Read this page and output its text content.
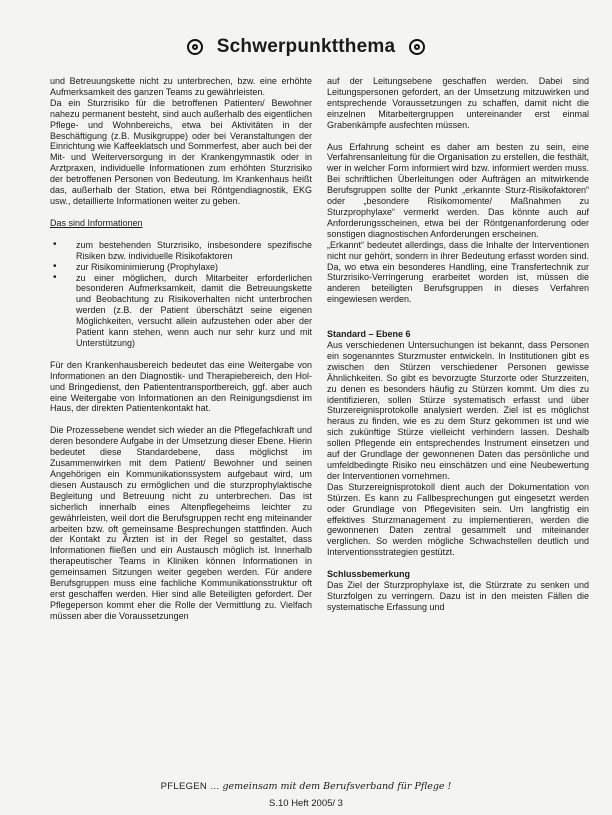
Schwerpunktthema

und Betreuungskette nicht zu unterbrechen, bzw. eine erhöhte Aufmerksamkeit des ganzen Teams zu gewährleisten.

Da ein Sturzrisiko für die betroffenen Patienten/ Bewohner nahezu permanent besteht, sind auch außerhalb des eigentlichen Pflege- und Wohnbereichs, etwa bei Aktivitäten in der Beschäftigung (z.B. Musikgruppe) oder bei Veranstaltungen der Einrichtung wie Kaffeeklatsch und Sommerfest, aber auch bei der Mit- und Weiterversorgung in der Krankengymnastik oder in Arztpraxen, individuelle Informationen zum erhöhten Sturzrisiko der betroffenen Personen von Bedeutung. Im Krankenhaus heißt das, außerhalb der Station, etwa bei Röntgendiagnostik, EKG usw., detaillierte Informationen weiter zu geben.

Das sind Informationen

• zum bestehenden Sturzrisiko, insbesondere spezifische Risiken bzw. individuelle Risikofaktoren
• zur Risikominimierung (Prophylaxe)
• zu einer möglichen, durch Mitarbeiter erforderlichen besonderen Aufmerksamkeit, damit die Betreuungskette und Beobachtung zu Risikoverhalten nicht unterbrochen werden (z.B. der Patient überschätzt seine eigenen Möglichkeiten, versucht allein aufzustehen oder aber der Patient kann stehen, wenn auch nur sehr kurz und mit Unterstützung)

Für den Krankenhausbereich bedeutet das eine Weitergabe von Informationen an den Diagnostik- und Therapiebereich, den Hol- und Bringedienst, den Patiententransportbereich, ggf. aber auch eine Weitergabe von Informationen an den Reinigungsdienst im Haus, der direkten Patientenkontakt hat.

Die Prozessebene wendet sich wieder an die Pflegefachkraft und deren besondere Aufgabe in der Umsetzung dieser Ebene. Hierin bedeutet diese Standardebene, dass möglichst im Zusammenwirken mit dem Patient/ Bewohner und seinen Angehörigen ein Kommunikationssystem aufgebaut wird, um diesen Austausch zu ermöglichen und die sturzprophylaktische Begleitung und Betreuung nicht zu unterbrechen. Das ist sicherlich innerhalb eines Altenpflegeheims leichter zu gewährleisten, weil dort die Berufsgruppen recht eng miteinander arbeiten bzw. oft gemeinsame Besprechungen stattfinden. Auch der Kontakt zu Ärzten ist in der Regel so gestaltet, dass Informationen fließen und ein Austausch möglich ist. Innerhalb therapeutischer Teams in Kliniken können Informationen in gemeinsamen Sitzungen weiter gegeben werden. Für andere Berufsgruppen muss eine fachliche Kommunikationsstruktur oft erst geschaffen werden. Hier sind alle Beteiligten gefordert. Der Pflegeperson kommt eher die Rolle der Vermittlung zu. Vielfach müssen aber die Voraussetzungen

auf der Leitungsebene geschaffen werden. Dabei sind Leitungspersonen gefordert, an der Umsetzung mitzuwirken und entsprechende Voraussetzungen zu schaffen, damit nicht die einzelnen Mitarbeitergruppen untereinander erst einmal Grabenkämpfe ausfechten müssen.

Aus Erfahrung scheint es daher am besten zu sein, eine Verfahrensanleitung für die Organisation zu erstellen, die festhält, wer in welcher Form informiert wird bzw. informiert werden muss. Bei schriftlichen Überleitungen oder Aufträgen an mitwirkende Berufsgruppen sollte der Punkt „erkannte Sturz-Risikofaktoren“ oder „besondere Risikomomente/ Maßnahmen zu Sturzprophylaxe“ vermerkt werden. Das könnte auch auf Anforderungsscheinen, etwa bei der Röntgenanforderung oder sonstigen diagnostischen Anforderungen erscheinen.

„Erkannt“ bedeutet allerdings, dass die Inhalte der Interventionen nicht nur gehört, sondern in ihrer Bedeutung erfasst worden sind. Da, wo etwa ein besonderes Handling, eine Transfertechnik zur Sturzrisiko-Verringerung erarbeitet worden ist, müssen die anderen beteiligten Berufsgruppen in dieses Verfahren eingewiesen werden.

Standard – Ebene 6

Aus verschiedenen Untersuchungen ist bekannt, dass Personen ein sogenanntes Sturzmuster entwickeln. In Institutionen gibt es zwischen den Stürzen verschiedener Personen gewisse Ähnlichkeiten. So gibt es bevorzugte Sturzorte oder Sturzzeiten, zu denen es besonders häufig zu Stürzen kommt. Um dies zu identifizieren, sollen Stürze systematisch erfasst und über Sturzereignisprotokolle analysiert werden. Ziel ist es möglichst heraus zu finden, wie es zu dem Sturz gekommen ist und wie sich zukünftige Stürze vielleicht verhindern lassen. Deshalb sollen Pflegende ein entsprechendes Instrument einsetzen und auf der Grundlage der gewonnenen Daten das persönliche und umfeldbedingte Risiko neu einschätzen und eine Neubewertung der Interventionen vornehmen.

Das Sturzereignisprotokoll dient auch der Dokumentation von Stürzen. Es kann zu Fallbesprechungen gut eingesetzt werden oder Grundlage von Pflegevisiten sein. Um langfristig ein effektives Sturzmanagement zu implementieren, werden die gewonnenen Daten zentral gesammelt und miteinander verglichen. So werden mögliche Schwachstellen deutlich und Interventionsstrategien gestützt.

Schlussbemerkung

Das Ziel der Sturzprophylaxe ist, die Stürzrate zu senken und Sturzfolgen zu verringern. Dazu ist in den meisten Fällen die systematische Erfassung und

PFLEGEN … gemeinsam mit dem Berufsverband für Pflege !
S.10 Heft 2005/ 3
